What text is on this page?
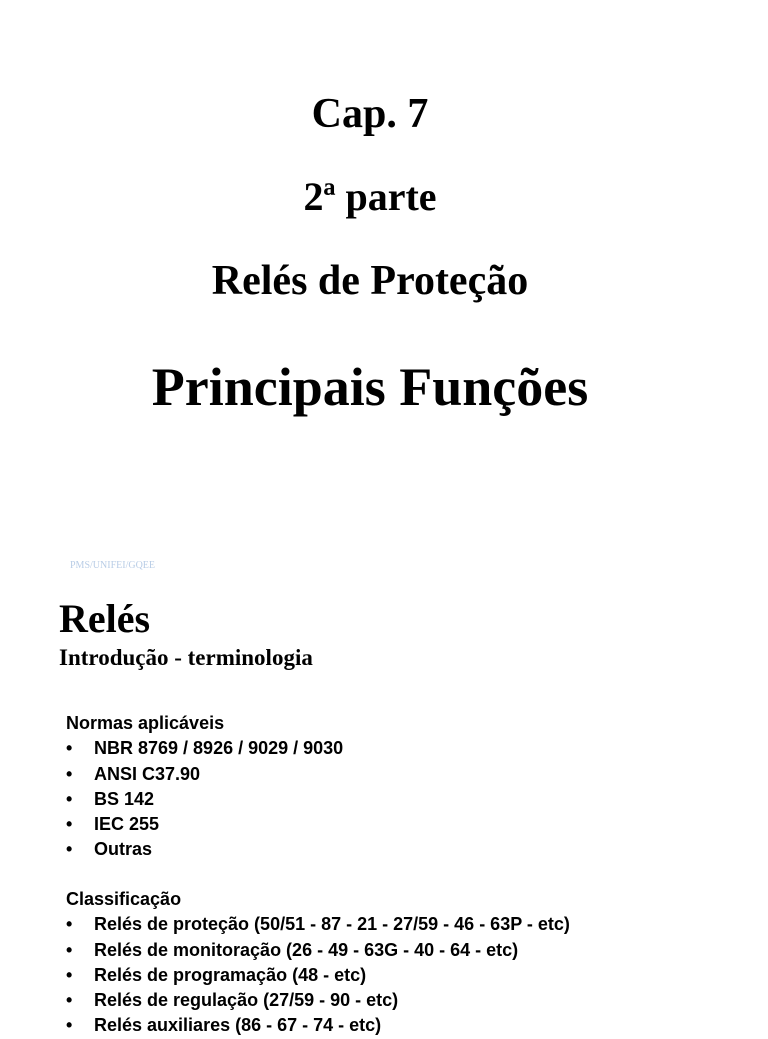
Cap. 7
2ª parte
Relés de Proteção
Principais Funções
PMS/UNIFEI/GQEE
Relés
Introdução - terminologia
Normas aplicáveis
•	NBR 8769 / 8926 / 9029 / 9030
•	ANSI C37.90
•	BS 142
•	IEC 255
•	Outras
Classificação
•	Relés de proteção (50/51 - 87 - 21 - 27/59 - 46 - 63P - etc)
•	Relés de monitoração (26 - 49 - 63G - 40 - 64 - etc)
•	Relés de programação (48 - etc)
•	Relés de regulação (27/59 - 90 - etc)
•	Relés auxiliares (86 - 67 - 74 - etc)
